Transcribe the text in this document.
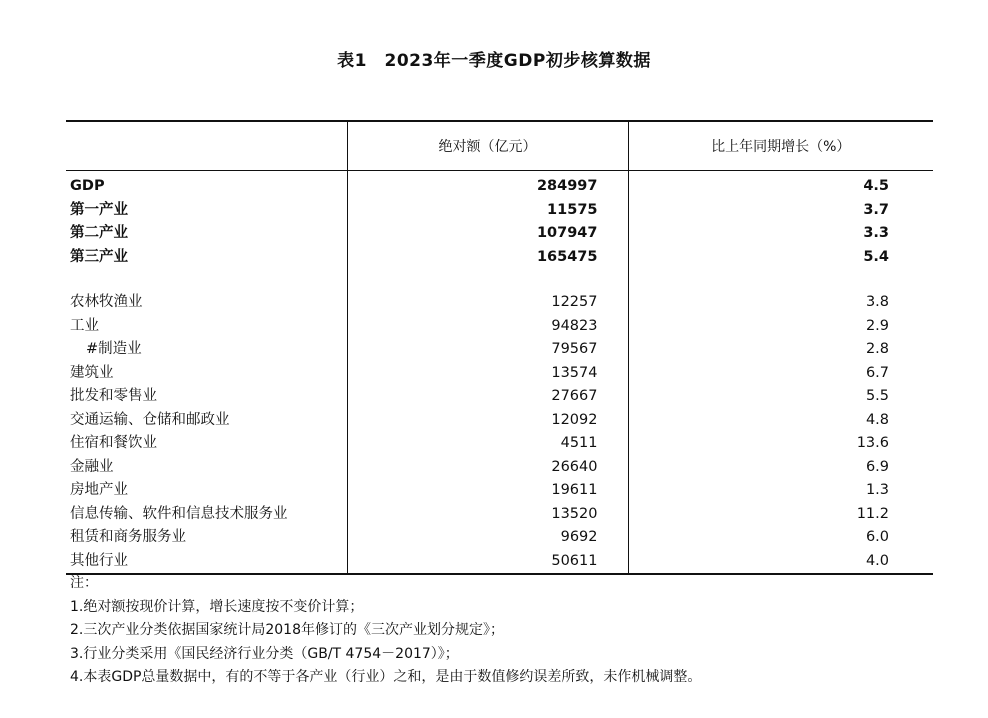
表1　2023年一季度GDP初步核算数据
	绝对额（亿元）	比上年同期增长（%）
GDP	284997	4.5
第一产业	11575	3.7
第二产业	107947	3.3
第三产业	165475	5.4

农林牧渔业	12257	3.8
工业	94823	2.9
#制造业	79567	2.8
建筑业	13574	6.7
批发和零售业	27667	5.5
交通运输、仓储和邮政业	12092	4.8
住宿和餐饮业	4511	13.6
金融业	26640	6.9
房地产业	19611	1.3
信息传输、软件和信息技术服务业	13520	11.2
租赁和商务服务业	9692	6.0
其他行业	50611	4.0
注：
1.绝对额按现价计算，增长速度按不变价计算；
2.三次产业分类依据国家统计局2018年修订的《三次产业划分规定》；
3.行业分类采用《国民经济行业分类（GB/T 4754－2017）》；
4.本表GDP总量数据中，有的不等于各产业（行业）之和，是由于数值修约误差所致，未作机械调整。
